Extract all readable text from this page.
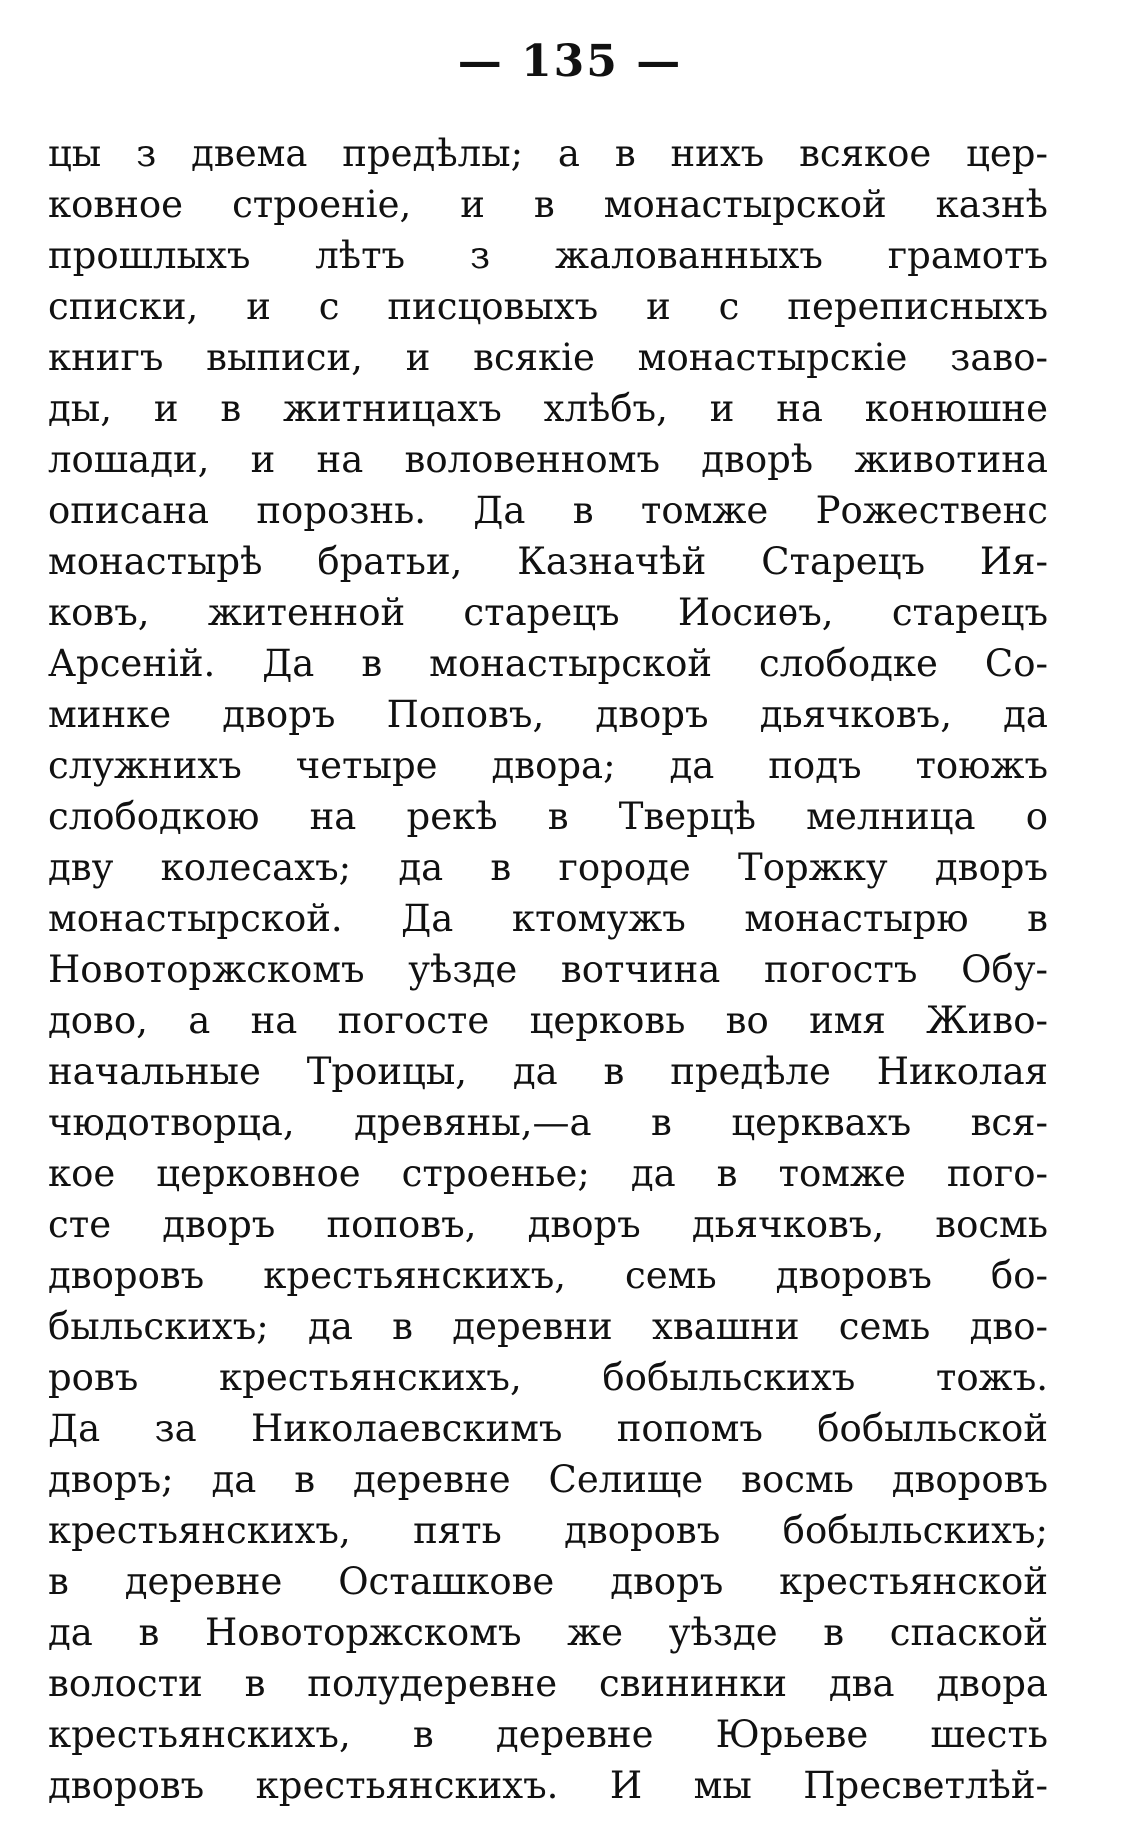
— 135 —
цы з двема предѣлы; а в нихъ всякое цер-
ковное строеніе, и в монастырской казнѣ
прошлыхъ лѣтъ з жалованныхъ грамотъ
списки, и с писцовыхъ и с переписныхъ
книгъ выписи, и всякіе монастырскіе заво-
ды, и в житницахъ хлѣбъ, и на конюшне
лошади, и на воловенномъ дворѣ животина
описана порознь. Да в томже Рожественс
монастырѣ братьи, Казначѣй Старецъ Ия-
ковъ, житенной старецъ Иосиѳъ, старецъ
Арсеній. Да в монастырской слободке Со-
минке дворъ Поповъ, дворъ дьячковъ, да
служнихъ четыре двора; да подъ тоюжъ
слободкою на рекѣ в Тверцѣ мелница о
дву колесахъ; да в городе Торжку дворъ
монастырской. Да ктомужъ монастырю в
Новоторжскомъ уѣзде вотчина погостъ Обу-
дово, а на погосте церковь во имя Живо-
начальные Троицы, да в предѣле Николая
чюдотворца, древяны,—а в церквахъ вся-
кое церковное строенье; да в томже пого-
сте дворъ поповъ, дворъ дьячковъ, восмь
дворовъ крестьянскихъ, семь дворовъ бо-
быльскихъ; да в деревни хвашни семь дво-
ровъ крестьянскихъ, бобыльскихъ тожъ.
Да за Николаевскимъ попомъ бобыльской
дворъ; да в деревне Селище восмь дворовъ
крестьянскихъ, пять дворовъ бобыльскихъ;
в деревне Осташкове дворъ крестьянской
да в Новоторжскомъ же уѣзде в спаской
волости в полудеревне свининки два двора
крестьянскихъ, в деревне Юрьеве шесть
дворовъ крестьянскихъ. И мы Пресветлѣй-
